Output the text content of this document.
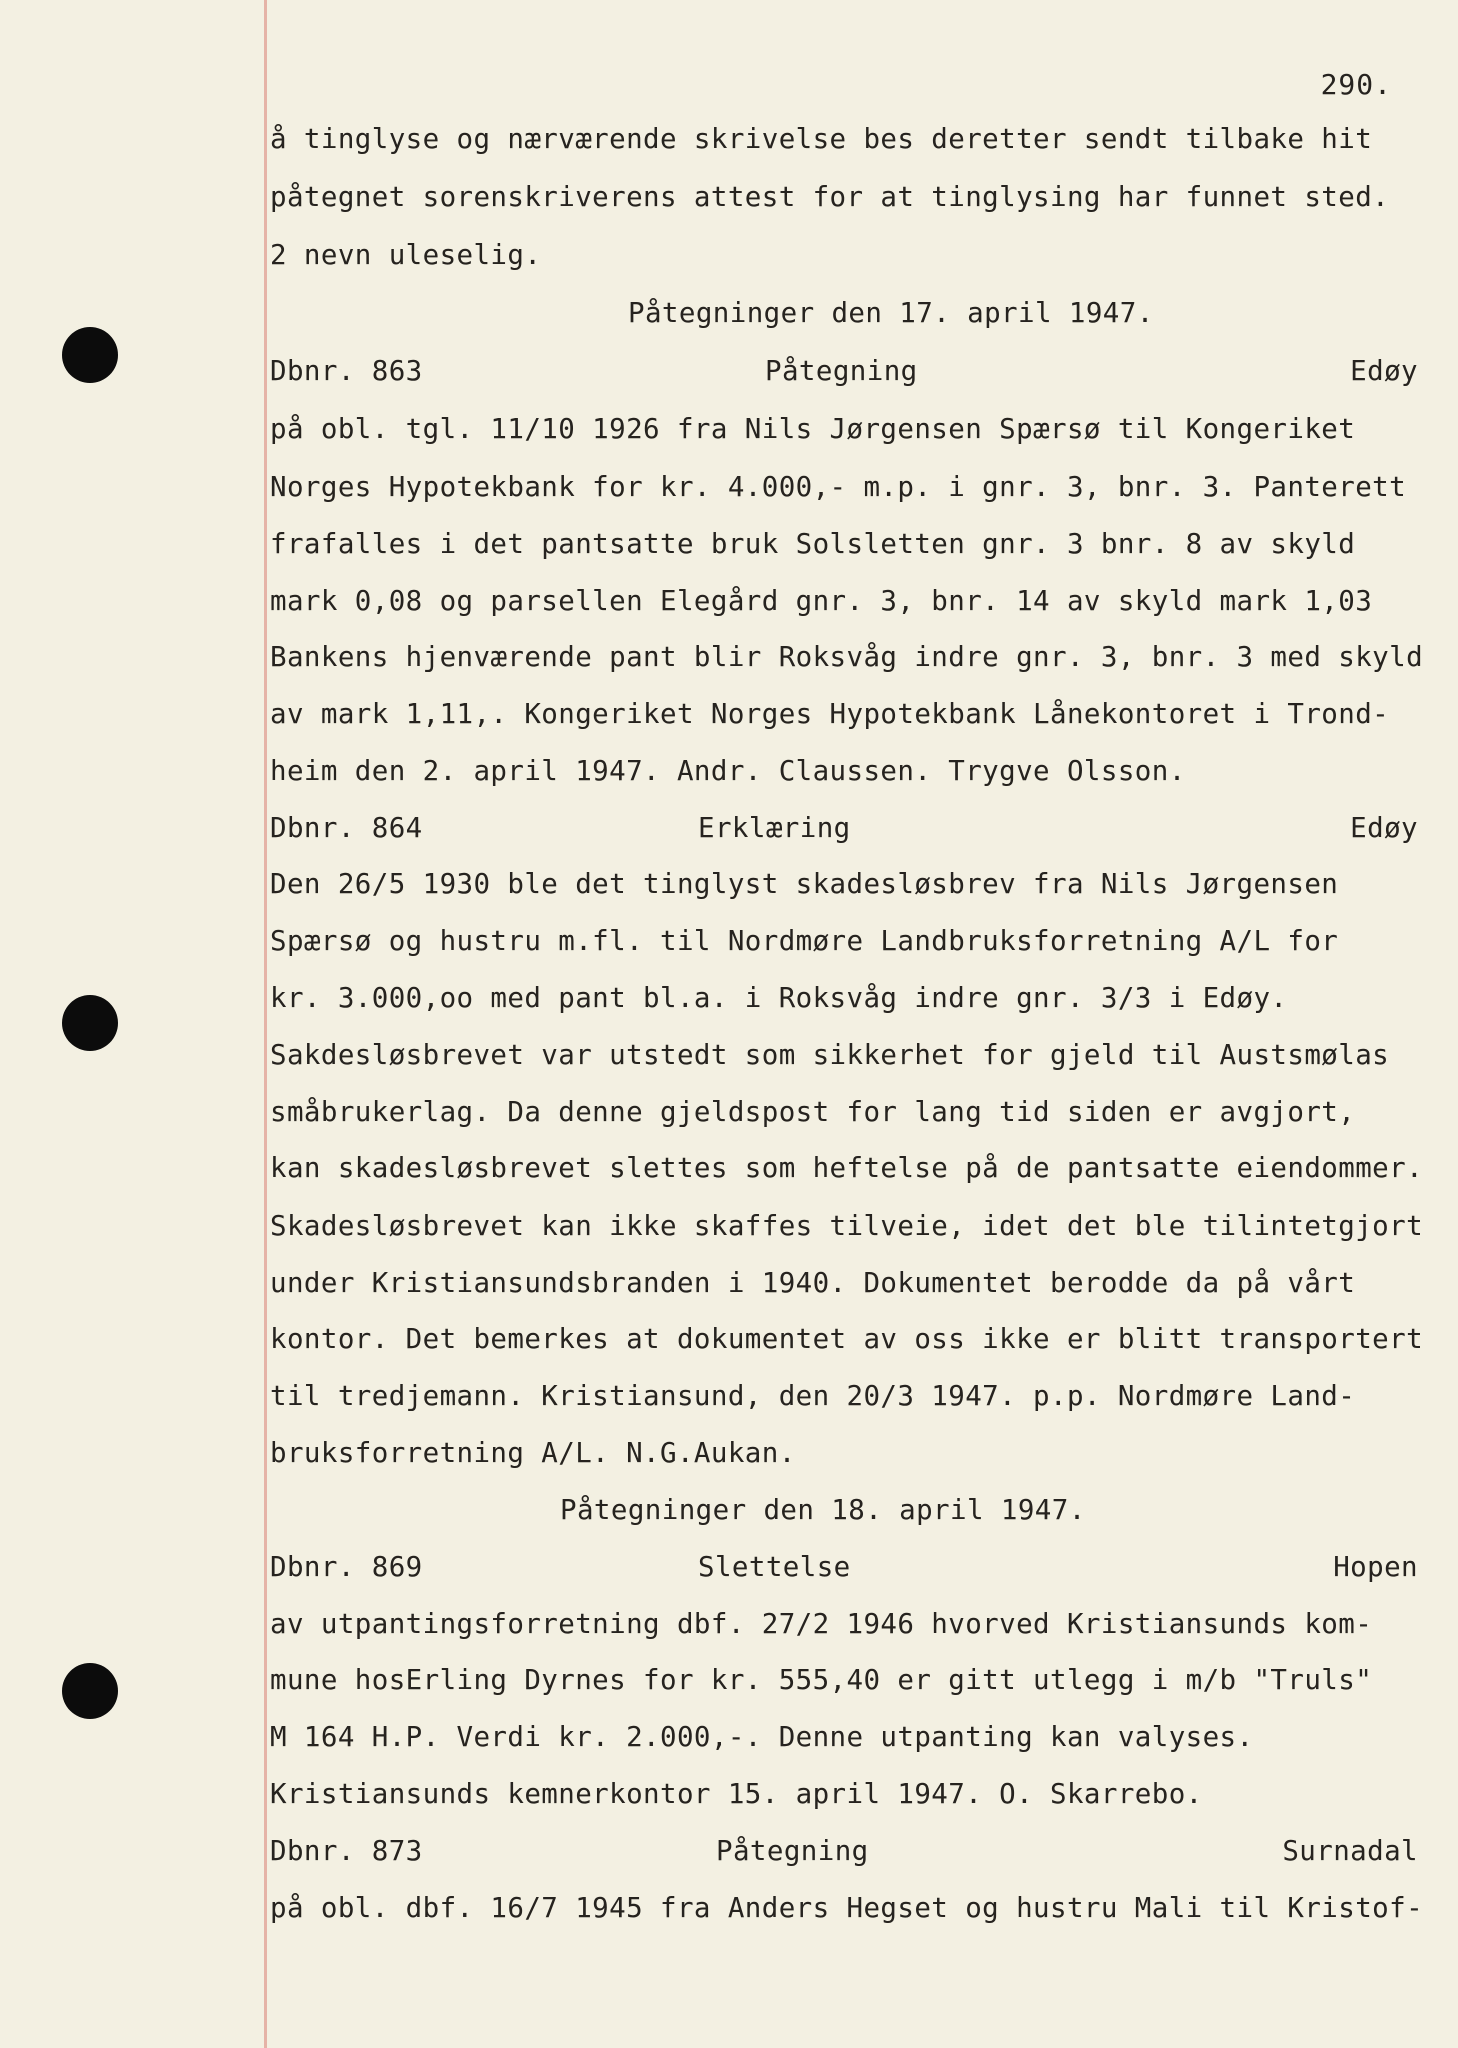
290.
å tinglyse og nærværende skrivelse bes deretter sendt tilbake hit
påtegnet sorenskriverens attest for at tinglysing har funnet sted.
2 nevn uleselig.
Påtegninger den 17. april 1947.
Dbnr. 863	Påtegning	Edøy
på obl. tgl. 11/10 1926 fra Nils Jørgensen Spærsø til Kongeriket
Norges Hypotekbank for kr. 4.000,- m.p. i gnr. 3, bnr. 3. Panterett
frafalles i det pantsatte bruk Solsletten gnr. 3 bnr. 8 av skyld
mark 0,08 og parsellen Elegård gnr. 3, bnr. 14 av skyld mark 1,03
Bankens hjenværende pant blir Roksvåg indre gnr. 3, bnr. 3 med skyld
av mark 1,11,. Kongeriket Norges Hypotekbank Lånekontoret i Trond-
heim den 2. april 1947. Andr. Claussen. Trygve Olsson.
Dbnr. 864	Erklæring	Edøy
Den 26/5 1930 ble det tinglyst skadesløsbrev fra Nils Jørgensen
Spærsø og hustru m.fl. til Nordmøre Landbruksforretning A/L for
kr. 3.000,oo med pant bl.a. i Roksvåg indre gnr. 3/3 i Edøy.
Sakdesløsbrevet var utstedt som sikkerhet for gjeld til Austsmølas
småbrukerlag. Da denne gjeldspost for lang tid siden er avgjort,
kan skadesløsbrevet slettes som heftelse på de pantsatte eiendommer.
Skadesløsbrevet kan ikke skaffes tilveie, idet det ble tilintetgjort
under Kristiansundsbranden i 1940. Dokumentet berodde da på vårt
kontor. Det bemerkes at dokumentet av oss ikke er blitt transportert
til tredjemann. Kristiansund, den 20/3 1947. p.p. Nordmøre Land-
bruksforretning A/L. N.G.Aukan.
Påtegninger den 18. april 1947.
Dbnr. 869	Slettelse	Hopen
av utpantingsforretning dbf. 27/2 1946 hvorved Kristiansunds kom-
mune hosErling Dyrnes for kr. 555,40 er gitt utlegg i m/b "Truls"
M 164 H.P. Verdi kr. 2.000,-. Denne utpanting kan valyses.
Kristiansunds kemnerkontor 15. april 1947. O. Skarrebo.
Dbnr. 873	Påtegning	Surnadal
på obl. dbf. 16/7 1945 fra Anders Hegset og hustru Mali til Kristof-
